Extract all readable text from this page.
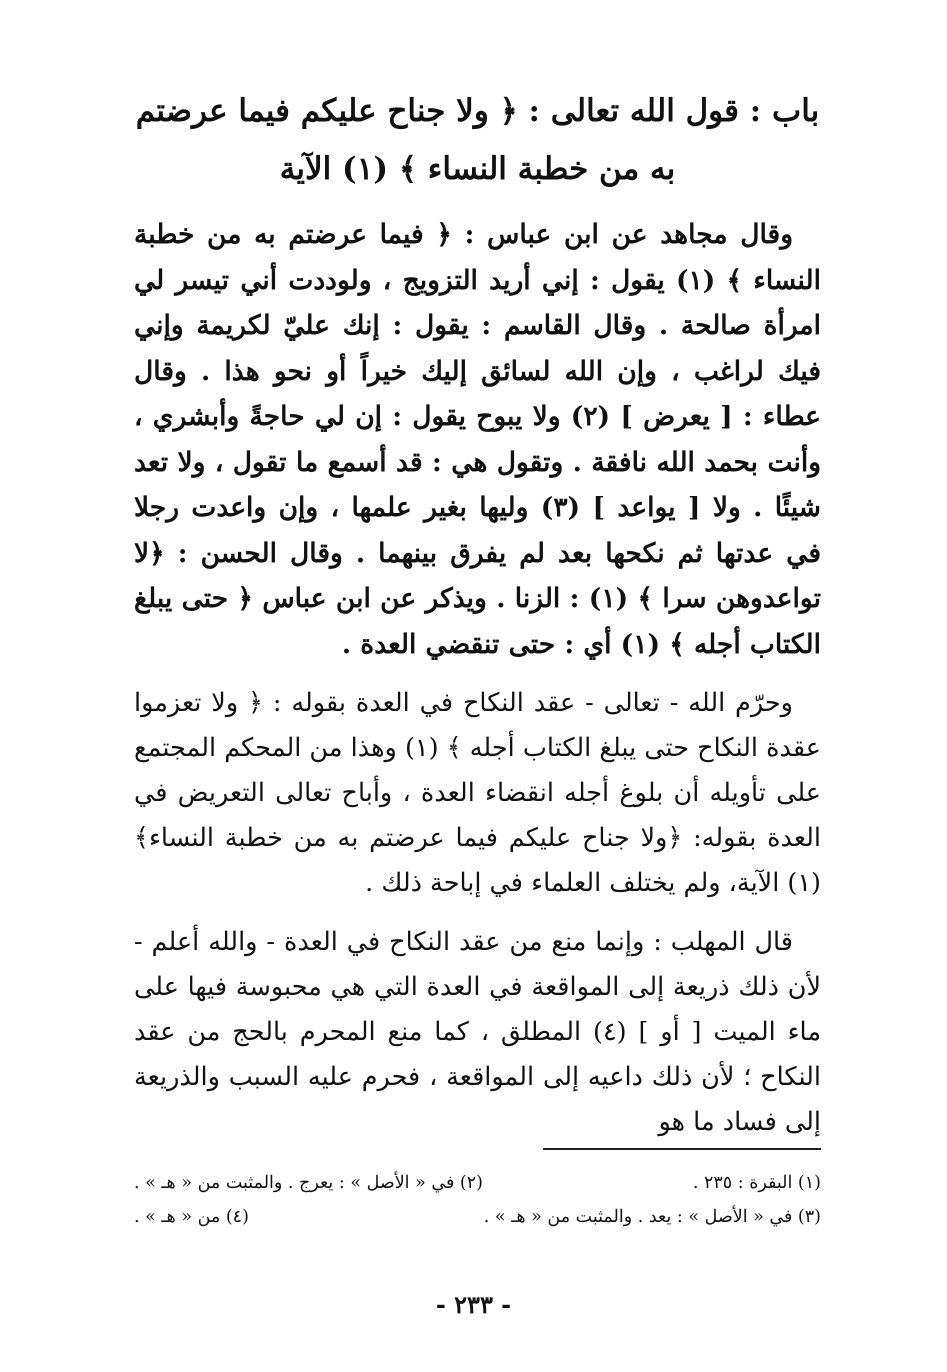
باب : قول الله تعالى : ﴿ ولا جناح عليكم فيما عرضتم
به من خطبة النساء ﴾ (١) الآية

وقال مجاهد عن ابن عباس : ﴿ فيما عرضتم به من خطبة النساء ﴾ (١) يقول : إني أريد التزويج ، ولوددت أني تيسر لي امرأة صالحة . وقال القاسم : يقول : إنك عليّ لكريمة وإني فيك لراغب ، وإن الله لسائق إليك خيراً أو نحو هذا . وقال عطاء : [ يعرض ] (٢) ولا يبوح يقول : إن لي حاجةً وأبشري ، وأنت بحمد الله نافقة . وتقول هي : قد أسمع ما تقول ، ولا تعد شيئًا . ولا [ يواعد ] (٣) وليها بغير علمها ، وإن واعدت رجلا في عدتها ثم نكحها بعد لم يفرق بينهما . وقال الحسن : ﴿لا تواعدوهن سرا ﴾ (١) : الزنا . ويذكر عن ابن عباس ﴿ حتى يبلغ الكتاب أجله ﴾ (١) أي : حتى تنقضي العدة .

وحرّم الله - تعالى - عقد النكاح في العدة بقوله : ﴿ ولا تعزموا عقدة النكاح حتى يبلغ الكتاب أجله ﴾ (١) وهذا من المحكم المجتمع على تأويله أن بلوغ أجله انقضاء العدة ، وأباح تعالى التعريض في العدة بقوله: ﴿ولا جناح عليكم فيما عرضتم به من خطبة النساء﴾(١) الآية، ولم يختلف العلماء في إباحة ذلك .

قال المهلب : وإنما منع من عقد النكاح في العدة - والله أعلم - لأن ذلك ذريعة إلى المواقعة في العدة التي هي محبوسة فيها على ماء الميت [ أو ] (٤) المطلق ، كما منع المحرم بالحج من عقد النكاح ؛ لأن ذلك داعيه إلى المواقعة ، فحرم عليه السبب والذريعة إلى فساد ما هو

(١) البقرة : ٢٣٥ .
(٢) في « الأصل » : يعرج . والمثبت من « هـ » .
(٣) في « الأصل » : يعد . والمثبت من « هـ » .
(٤) من « هـ » .
- ٢٣٣ -
